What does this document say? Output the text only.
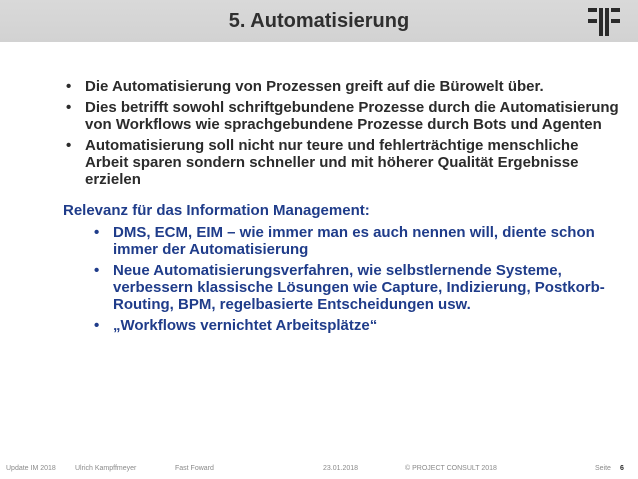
5. Automatisierung
• Die Automatisierung von Prozessen greift auf die Bürowelt über.
• Dies betrifft sowohl schriftgebundene Prozesse durch die Automatisierung von Workflows wie sprachgebundene Prozesse durch Bots und Agenten
• Automatisierung soll nicht nur teure und fehlerträchtige menschliche Arbeit sparen sondern schneller und mit höherer Qualität Ergebnisse erzielen
Relevanz für das Information Management:
• DMS, ECM, EIM – wie immer man es auch nennen will, diente schon immer der Automatisierung
• Neue Automatisierungsverfahren, wie selbstlernende Systeme, verbessern klassische Lösungen wie Capture, Indizierung, Postkorb-Routing, BPM, regelbasierte Entscheidungen usw.
• „Workflows vernichtet Arbeitsplätze“
Update IM 2018	Ulrich Kampffmeyer	Fast Foward	23.01.2018	© PROJECT CONSULT 2018	Seite 6
